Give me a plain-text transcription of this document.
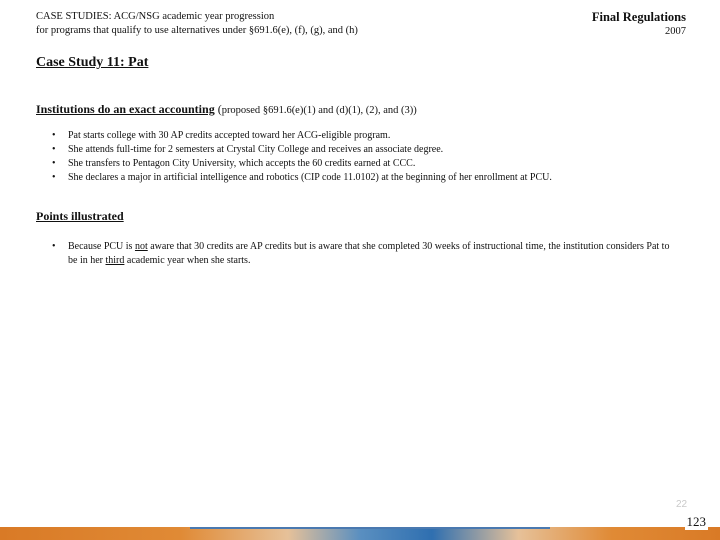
CASE STUDIES: ACG/NSG academic year progression
for programs that qualify to use alternatives under §691.6(e), (f), (g), and (h)
Final Regulations
2007
Case Study 11: Pat
Institutions do an exact accounting (proposed §691.6(e)(1) and (d)(1), (2), and (3))
• Pat starts college with 30 AP credits accepted toward her ACG-eligible program.
• She attends full-time for 2 semesters at Crystal City College and receives an associate degree.
• She transfers to Pentagon City University, which accepts the 60 credits earned at CCC.
• She declares a major in artificial intelligence and robotics (CIP code 11.0102) at the beginning of her enrollment at PCU.
Points illustrated
• Because PCU is not aware that 30 credits are AP credits but is aware that she completed 30 weeks of instructional time, the institution considers Pat to be in her third academic year when she starts.
22
123
